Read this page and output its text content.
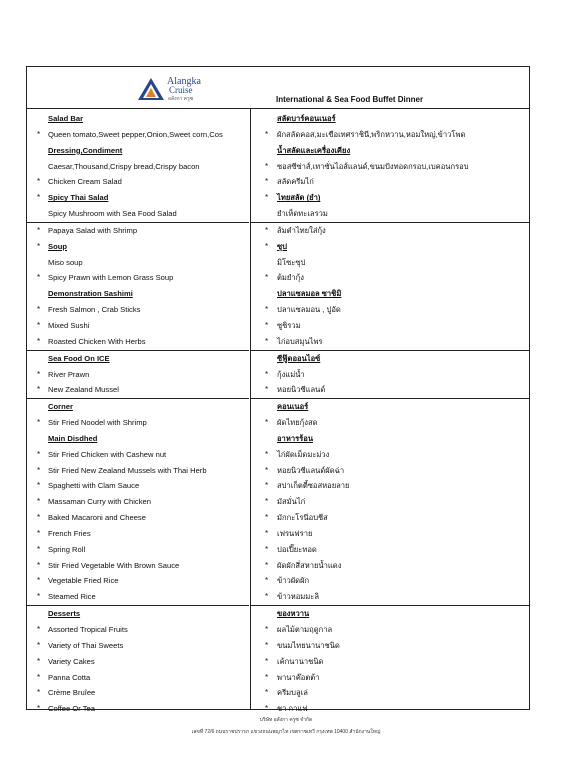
Alangka
Cruise
อลังกา ครูซ	International & Sea Food Buffet Dinner
Salad Bar
* Queen tomato,Sweet pepper,Onion,Sweet corn,Cos
Dressing,Condiment
Caesar,Thousand,Crispy bread,Crispy bacon
* Chicken Cream Salad
* Spicy Thai Salad
Spicy Mushroom with Sea Food Salad
* Papaya Salad with Shrimp
* Soup
Miso soup
* Spicy Prawn with Lemon Grass Soup
Demonstration Sashimi
* Fresh Salmon , Crab Sticks
* Mixed Sushi
* Roasted Chicken With Herbs
Sea Food On ICE
* River Prawn
* New Zealand Mussel
Corner
* Stir Fried Noodel with Shrimp
Main Disdhed
* Stir Fried Chicken with Cashew nut
* Stir Fried New Zealand Mussels with Thai Herb
* Spaghetti with Clam Sauce
* Massaman Curry with Chicken
* Baked Macaroni and Cheese
* French Fries
* Spring Roll
* Stir Fried Vegetable With Brown Sauce
* Vegetable Fried Rice
* Steamed Rice
Desserts
* Assorted Tropical Fruits
* Variety of Thai Sweets
* Variety Cakes
* Panna Cotta
* Crème Bruîee
* Coffee Or Tea
สลัดบาร์คอนเนอร์
* ผักสลัดคอส,มะเขือเทศราชินี,พริกหวาน,หอมใหญ่,ข้าวโพด
น้ำสลัดและเครื่องเคียง
* ซอสซีซ่าส์,เทาซั่นไอส์แลนด์,ขนมปังทอดกรอบ,เบคอนกรอบ
* สลัดครีมไก่
* ไทยสลัด (ยำ)
ยำเห็ดทะเลรวม
* ส้มตำไทยใส่กุ้ง
* ซุป
มิโซะซุป
* ต้มยำกุ้ง
ปลาแซลมอล ซาชิมิ
* ปลาแซลมอน , ปูอัด
* ซูชิรวม
* ไก่อบสมุนไพร
ซีฟู๊ดออนไอซ์
* กุ้งแม่น้ำ
* หอยนิวซีแลนด์
คอนเนอร์
* ผัดไทยกุ้งสด
อาหารร้อน
* ไก่ผัดเม็ดมะม่วง
* หอยนิวซีแลนด์ผัดฉ่า
* สปาเก็ตตี้ซอสหอยลาย
* มัสมั่นไก่
* มักกะโรนีอบชีส
* เฟรนฟราย
* ปอเปี๊ยะทอด
* ผัดผักสี่สหายน้ำแดง
* ข้าวผัดผัก
* ข้าวหอมมะลิ
ของหวาน
* ผลไม้ตามฤดูกาล
* ขนมไทยนานาชนิด
* เค้กนานาชนิด
* พานาค๊อตต้า
* ครีมบลูเล่
* ชา กาแฟ
บริษัท อลังกา ครูซ จำกัด
เลขที่ 72/6 ถนนราชปรารภ แขวงถนนพญาไท เขตราชเทวี กรุงเทพ 10400 สำนักงานใหญ่
